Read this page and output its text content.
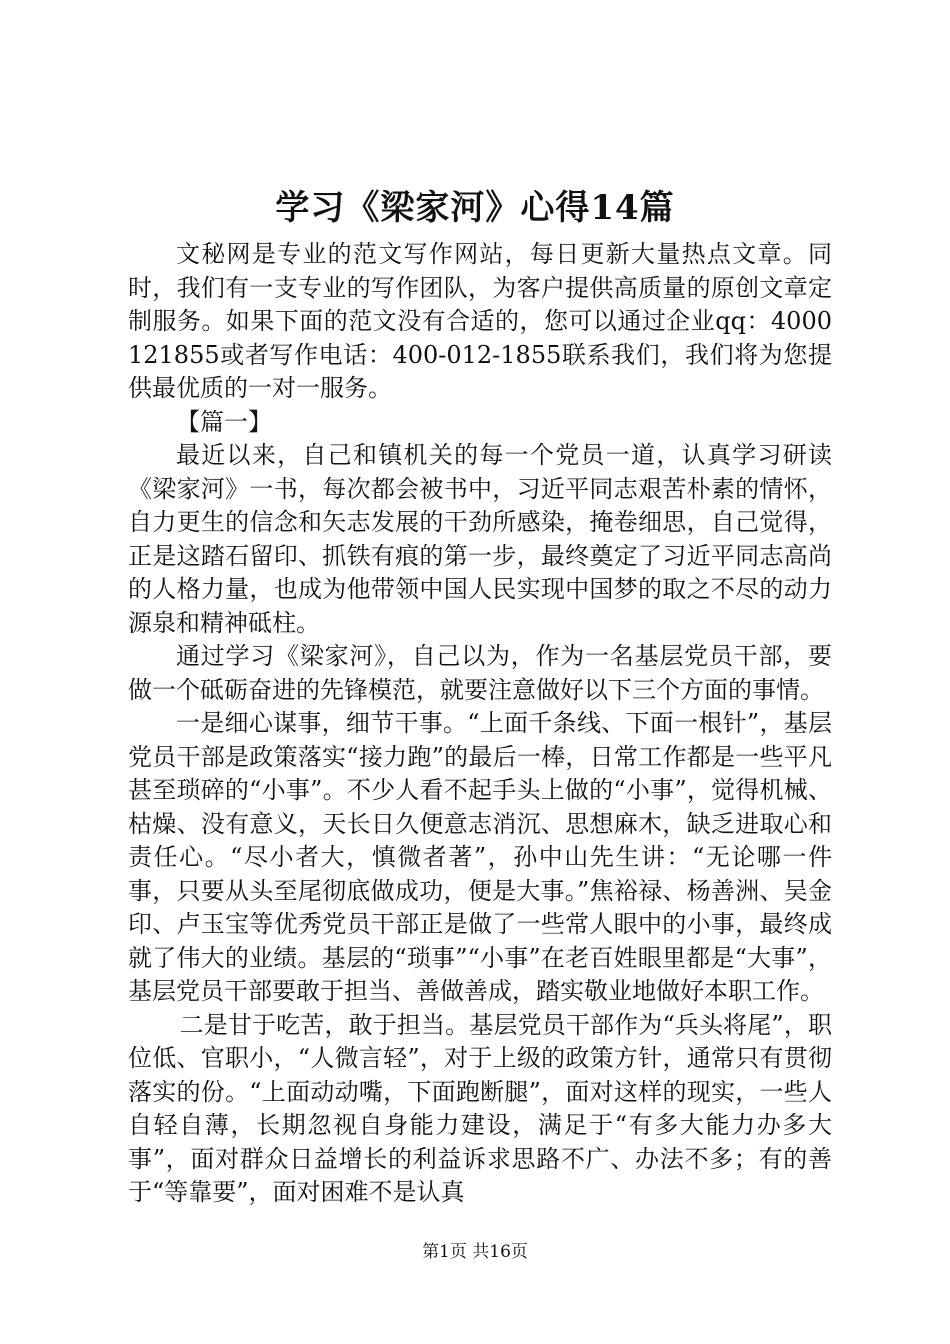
学习《梁家河》心得14篇

文秘网是专业的范文写作网站，每日更新大量热点文章。同时，我们有一支专业的写作团队，为客户提供高质量的原创文章定制服务。如果下面的范文没有合适的，您可以通过企业qq：4000121855或者写作电话：400-012-1855联系我们，我们将为您提供最优质的一对一服务。

【篇一】

最近以来，自己和镇机关的每一个党员一道，认真学习研读《梁家河》一书，每次都会被书中，习近平同志艰苦朴素的情怀，自力更生的信念和矢志发展的干劲所感染，掩卷细思，自己觉得，正是这踏石留印、抓铁有痕的第一步，最终奠定了习近平同志高尚的人格力量，也成为他带领中国人民实现中国梦的取之不尽的动力源泉和精神砥柱。

通过学习《梁家河》，自己以为，作为一名基层党员干部，要做一个砥砺奋进的先锋模范，就要注意做好以下三个方面的事情。

一是细心谋事，细节干事。“上面千条线、下面一根针”，基层党员干部是政策落实“接力跑”的最后一棒，日常工作都是一些平凡甚至琐碎的“小事”。不少人看不起手头上做的“小事”，觉得机械、枯燥、没有意义，天长日久便意志消沉、思想麻木，缺乏进取心和责任心。“尽小者大，慎微者著”，孙中山先生讲：“无论哪一件事，只要从头至尾彻底做成功，便是大事。”焦裕禄、杨善洲、吴金印、卢玉宝等优秀党员干部正是做了一些常人眼中的小事，最终成就了伟大的业绩。基层的“琐事”“小事”在老百姓眼里都是“大事”，基层党员干部要敢于担当、善做善成，踏实敬业地做好本职工作。

二是甘于吃苦，敢于担当。基层党员干部作为“兵头将尾”，职位低、官职小，“人微言轻”，对于上级的政策方针，通常只有贯彻落实的份。“上面动动嘴，下面跑断腿”，面对这样的现实，一些人自轻自薄，长期忽视自身能力建设，满足于“有多大能力办多大事”，面对群众日益增长的利益诉求思路不广、办法不多；有的善于“等靠要”，面对困难不是认真

第1页 共16页
